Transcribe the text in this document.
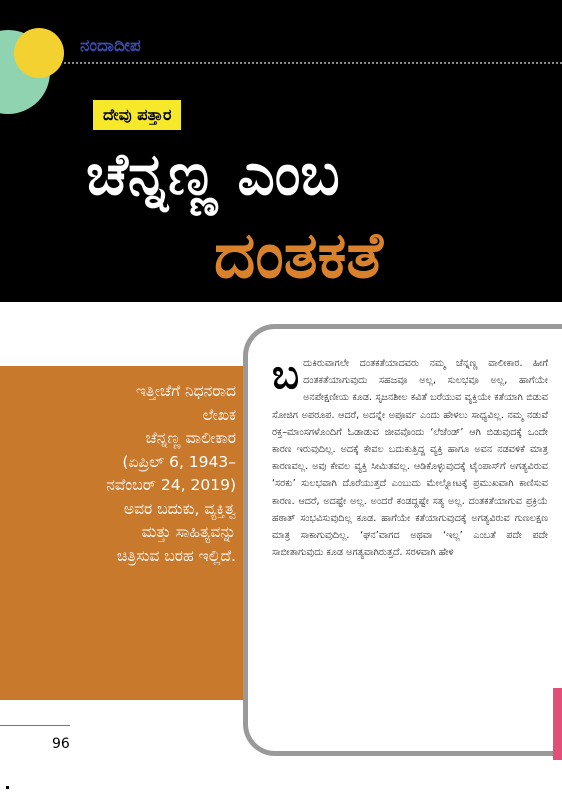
ನಂದಾದೀಪ
ದೇವು ಪತ್ತಾರ
ಚೆನ್ನಣ್ಣ ಎಂಬ
ದಂತಕತೆ
ಇತ್ತೀಚೆಗೆ ನಿಧನರಾದ
ಲೇಖಕ
ಚೆನ್ನಣ್ಣ ವಾಲೀಕಾರ
(ಏಪ್ರಿಲ್ 6, 1943–
ನವೆಂಬರ್ 24, 2019)
ಅವರ ಬದುಕು, ವ್ಯಕ್ತಿತ್ವ
ಮತ್ತು ಸಾಹಿತ್ಯವನ್ನು
ಚಿತ್ರಿಸುವ ಬರಹ ಇಲ್ಲಿದೆ.
ಬದುಕಿರುವಾಗಲೇ ದಂತಕತೆಯಾದವರು ನಮ್ಮ ಚೆನ್ನಣ್ಣ ವಾಲೀಕಾರ. ಹೀಗೆ ದಂತಕತೆಯಾಗುವುದು ಸಹಜವೂ ಅಲ್ಲ, ಸುಲಭವೂ ಅಲ್ಲ, ಹಾಗೆಯೇ ಅನಪೇಕ್ಷಣೀಯ ಕೂಡ. ಸೃಜನಶೀಲ ಕವಿತೆ ಬರೆಯುವ ವ್ಯಕ್ತಿಯೇ ಕತೆಯಾಗಿ ಬಿಡುವ ಸೋಜಿಗ ಅಪರೂಪ. ಆದರೆ, ಅದನ್ನೇ ಅಪೂರ್ವ ಎಂದು ಹೇಳಲು ಸಾಧ್ಯವಿಲ್ಲ. ನಮ್ಮ ನಡುವೆ ರಕ್ತ–ಮಾಂಸಗಳೊಂದಿಗೆ ಓಡಾಡುವ ಜೀವವೊಂದು ‘ಲೆಜೆಂಡ್’ ಆಗಿ ಬಿಡುವುದಕ್ಕೆ ಒಂದೇ ಕಾರಣ ಇರುವುದಿಲ್ಲ. ಅದಕ್ಕೆ ಕೇವಲ ಬದುಕುತ್ತಿದ್ದ ವ್ಯಕ್ತಿ ಹಾಗೂ ಅವನ ನಡವಳಿಕೆ ಮಾತ್ರ ಕಾರಣವಲ್ಲ. ಅವು ಕೇವಲ ವ್ಯಕ್ತಿ ಸೀಮಿತವಲ್ಲ. ಆಡಿಕೊಳ್ಳುವುದಕ್ಕೆ ಟೈಂಪಾಸ್‌ಗೆ ಅಗತ್ಯವಿರುವ ‘ಸರಕು’ ಸುಲಭವಾಗಿ ದೊರೆಯುತ್ತದೆ ಎಂಬುದು ಮೇಲ್ನೋಟಕ್ಕೆ ಪ್ರಮುಖವಾಗಿ ಕಾಣಿಸುವ ಕಾರಣ. ಆದರೆ, ಅದಷ್ಟೇ ಅಲ್ಲ. ಅಂದರೆ ಕಂಡದ್ದಷ್ಟೇ ಸತ್ಯ ಅಲ್ಲ. ದಂತಕತೆಯಾಗುವ ಪ್ರಕ್ರಿಯೆ ಹಠಾತ್ ಸಂಭವಿಸುವುದಿಲ್ಲ ಕೂಡ. ಹಾಗೆಯೇ ಕತೆಯಾಗುವುದಕ್ಕೆ ಅಗತ್ಯವಿರುವ ಗುಣಲಕ್ಷಣ ಮಾತ್ರ ಸಾಕಾಗುವುದಿಲ್ಲ. ‘ಘನ’ವಾಗದ ಅಥವಾ ‘ಇಲ್ಲ’ ಎಂಬತೆ ಪದೇ ಪದೇ ಸಾಬೀತಾಗುವುದು ಕೂಡ ಅಗತ್ಯವಾಗಿರುತ್ತದೆ. ಸರಳವಾಗಿ ಹೇಳಿ
96
